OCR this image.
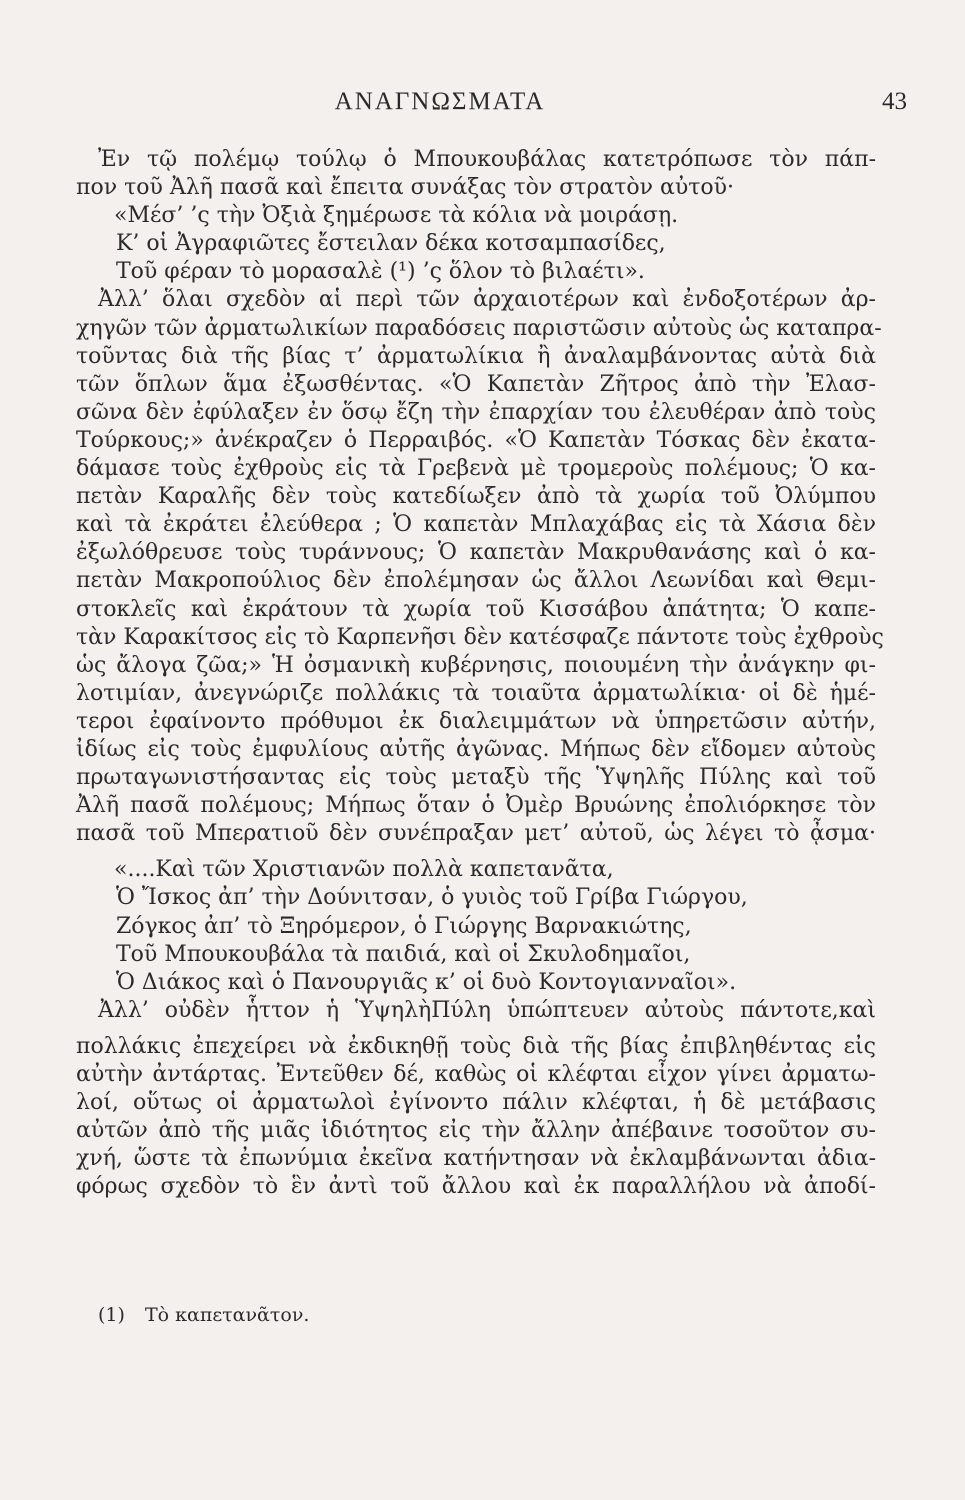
ΑΝΑΓΝΩΣΜΑΤΑ	43
Ἐν τῷ πολέμῳ τούλῳ ὁ Μπουκουβάλας κατετρόπωσε τὸν πάπ-
πον τοῦ Ἀλῆ πασᾶ καὶ ἔπειτα συνάξας τὸν στρατὸν αὐτοῦ·
«Μέσ’ ’ς τὴν Ὀξιὰ ξημέρωσε τὰ κόλια νὰ μοιράσῃ.
Κ’ οἱ Ἀγραφιῶτες ἔστειλαν δέκα κοτσαμπασίδες,
Τοῦ φέραν τὸ μορασαλὲ (¹) ’ς ὅλον τὸ βιλαέτι».
Ἀλλ’ ὅλαι σχεδὸν αἱ περὶ τῶν ἀρχαιοτέρων καὶ ἐνδοξοτέρων ἀρ-
χηγῶν τῶν ἀρματωλικίων παραδόσεις παριστῶσιν αὐτοὺς ὡς καταπρα-
τοῦντας διὰ τῆς βίας τ’ ἀρματωλίκια ἢ ἀναλαμβάνοντας αὐτὰ διὰ
τῶν ὅπλων ἅμα ἐξωσθέντας. «Ὁ Καπετὰν Ζῆτρος ἀπὸ τὴν Ἐλασ-
σῶνα δὲν ἐφύλαξεν ἐν ὅσῳ ἔζη τὴν ἐπαρχίαν του ἐλευθέραν ἀπὸ τοὺς
Τούρκους;» ἀνέκραζεν ὁ Περραιβός. «Ὁ Καπετὰν Τόσκας δὲν ἐκατα-
δάμασε τοὺς ἐχθροὺς εἰς τὰ Γρεβενὰ μὲ τρομεροὺς πολέμους; Ὁ κα-
πετὰν Καραλῆς δὲν τοὺς κατεδίωξεν ἀπὸ τὰ χωρία τοῦ Ὀλύμπου
καὶ τὰ ἐκράτει ἐλεύθερα ; Ὁ καπετὰν Μπλαχάβας εἰς τὰ Χάσια δὲν
ἐξωλόθρευσε τοὺς τυράννους; Ὁ καπετὰν Μακρυθανάσης καὶ ὁ κα-
πετὰν Μακροπούλιος δὲν ἐπολέμησαν ὡς ἄλλοι Λεωνίδαι καὶ Θεμι-
στοκλεῖς καὶ ἐκράτουν τὰ χωρία τοῦ Κισσάβου ἀπάτητα; Ὁ καπε-
τὰν Καρακίτσος εἰς τὸ Καρπενῆσι δὲν κατέσφαζε πάντοτε τοὺς ἐχθροὺς
ὡς ἄλογα ζῶα;» Ἡ ὀσμανικὴ κυβέρνησις, ποιουμένη τὴν ἀνάγκην φι-
λοτιμίαν, ἀνεγνώριζε πολλάκις τὰ τοιαῦτα ἀρματωλίκια· οἱ δὲ ἡμέ-
τεροι ἐφαίνοντο πρόθυμοι ἐκ διαλειμμάτων νὰ ὑπηρετῶσιν αὐτήν,
ἰδίως εἰς τοὺς ἐμφυλίους αὐτῆς ἀγῶνας. Μήπως δὲν εἴδομεν αὐτοὺς
πρωταγωνιστήσαντας εἰς τοὺς μεταξὺ τῆς Ὑψηλῆς Πύλης καὶ τοῦ
Ἀλῆ πασᾶ πολέμους; Μήπως ὅταν ὁ Ὀμὲρ Βρυώνης ἐπολιόρκησε τὸν
πασᾶ τοῦ Μπερατιοῦ δὲν συνέπραξαν μετ’ αὐτοῦ, ὡς λέγει τὸ ᾆσμα·
«....Καὶ τῶν Χριστιανῶν πολλὰ καπετανᾶτα,
Ὁ Ἴσκος ἀπ’ τὴν Δούνιτσαν, ὁ γυιὸς τοῦ Γρίβα Γιώργου,
Ζόγκος ἀπ’ τὸ Ξηρόμερον, ὁ Γιώργης Βαρνακιώτης,
Τοῦ Μπουκουβάλα τὰ παιδιά, καὶ οἱ Σκυλοδημαῖοι,
Ὁ Διάκος καὶ ὁ Πανουργιᾶς κ’ οἱ δυὸ Κοντογιανναῖοι».
Ἀλλ’ οὐδὲν ἧττον ἡ ὙψηλὴΠύλη ὑπώπτευεν αὐτοὺς πάντοτε,καὶ
πολλάκις ἐπεχείρει νὰ ἐκδικηθῇ τοὺς διὰ τῆς βίας ἐπιβληθέντας εἰς
αὐτὴν ἀντάρτας. Ἐντεῦθεν δέ, καθὼς οἱ κλέφται εἶχον γίνει ἀρματω-
λοί, οὕτως οἱ ἀρματωλοὶ ἐγίνοντο πάλιν κλέφται, ἡ δὲ μετάβασις
αὐτῶν ἀπὸ τῆς μιᾶς ἰδιότητος εἰς τὴν ἄλλην ἀπέβαινε τοσοῦτον συ-
χνή, ὥστε τὰ ἐπωνύμια ἐκεῖνα κατήντησαν νὰ ἐκλαμβάνωνται ἀδια-
φόρως σχεδὸν τὸ ἓν ἀντὶ τοῦ ἄλλου καὶ ἐκ παραλλήλου νὰ ἀποδί-
(1) Τὸ καπετανᾶτον.
